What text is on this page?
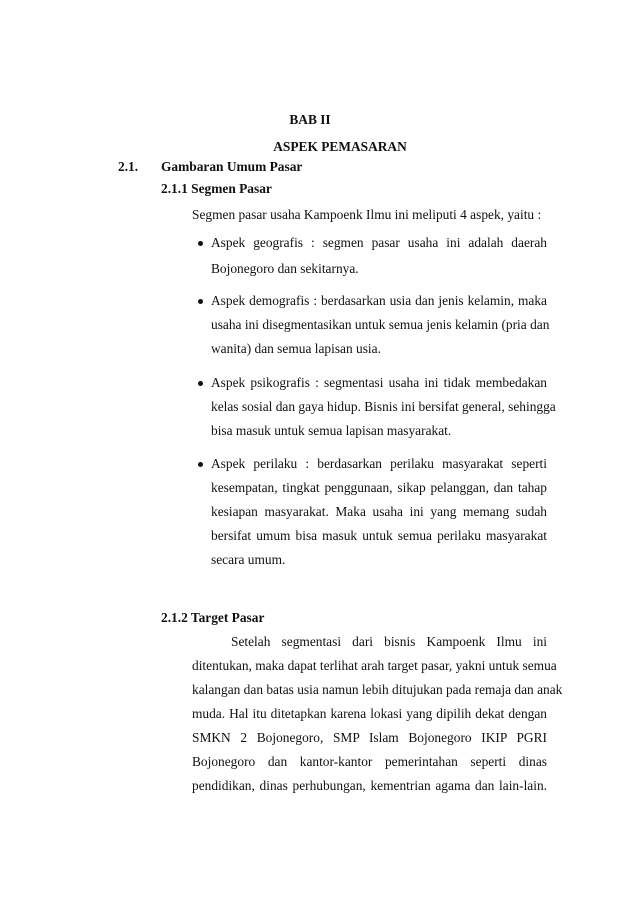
BAB II
ASPEK PEMASARAN
2.1. Gambaran Umum Pasar
2.1.1 Segmen Pasar
Segmen pasar usaha Kampoenk Ilmu ini meliputi 4 aspek, yaitu :
Aspek geografis : segmen pasar usaha ini adalah daerah
Bojonegoro dan sekitarnya.
Aspek demografis : berdasarkan usia dan jenis kelamin, maka
usaha ini disegmentasikan untuk semua jenis kelamin (pria dan
wanita) dan semua lapisan usia.
Aspek psikografis : segmentasi usaha ini tidak membedakan
kelas sosial dan gaya hidup. Bisnis ini bersifat general, sehingga
bisa masuk untuk semua lapisan masyarakat.
Aspek perilaku : berdasarkan perilaku masyarakat seperti
kesempatan, tingkat penggunaan, sikap pelanggan, dan tahap
kesiapan masyarakat. Maka usaha ini yang memang sudah
bersifat umum bisa masuk untuk semua perilaku masyarakat
secara umum.
2.1.2 Target Pasar
Setelah segmentasi dari bisnis Kampoenk Ilmu ini
ditentukan, maka dapat terlihat arah target pasar, yakni untuk semua
kalangan dan batas usia namun lebih ditujukan pada remaja dan anak
muda. Hal itu ditetapkan karena lokasi yang dipilih dekat dengan
SMKN 2 Bojonegoro, SMP Islam Bojonegoro IKIP PGRI
Bojonegoro dan kantor-kantor pemerintahan seperti dinas
pendidikan, dinas perhubungan, kementrian agama dan lain-lain.
